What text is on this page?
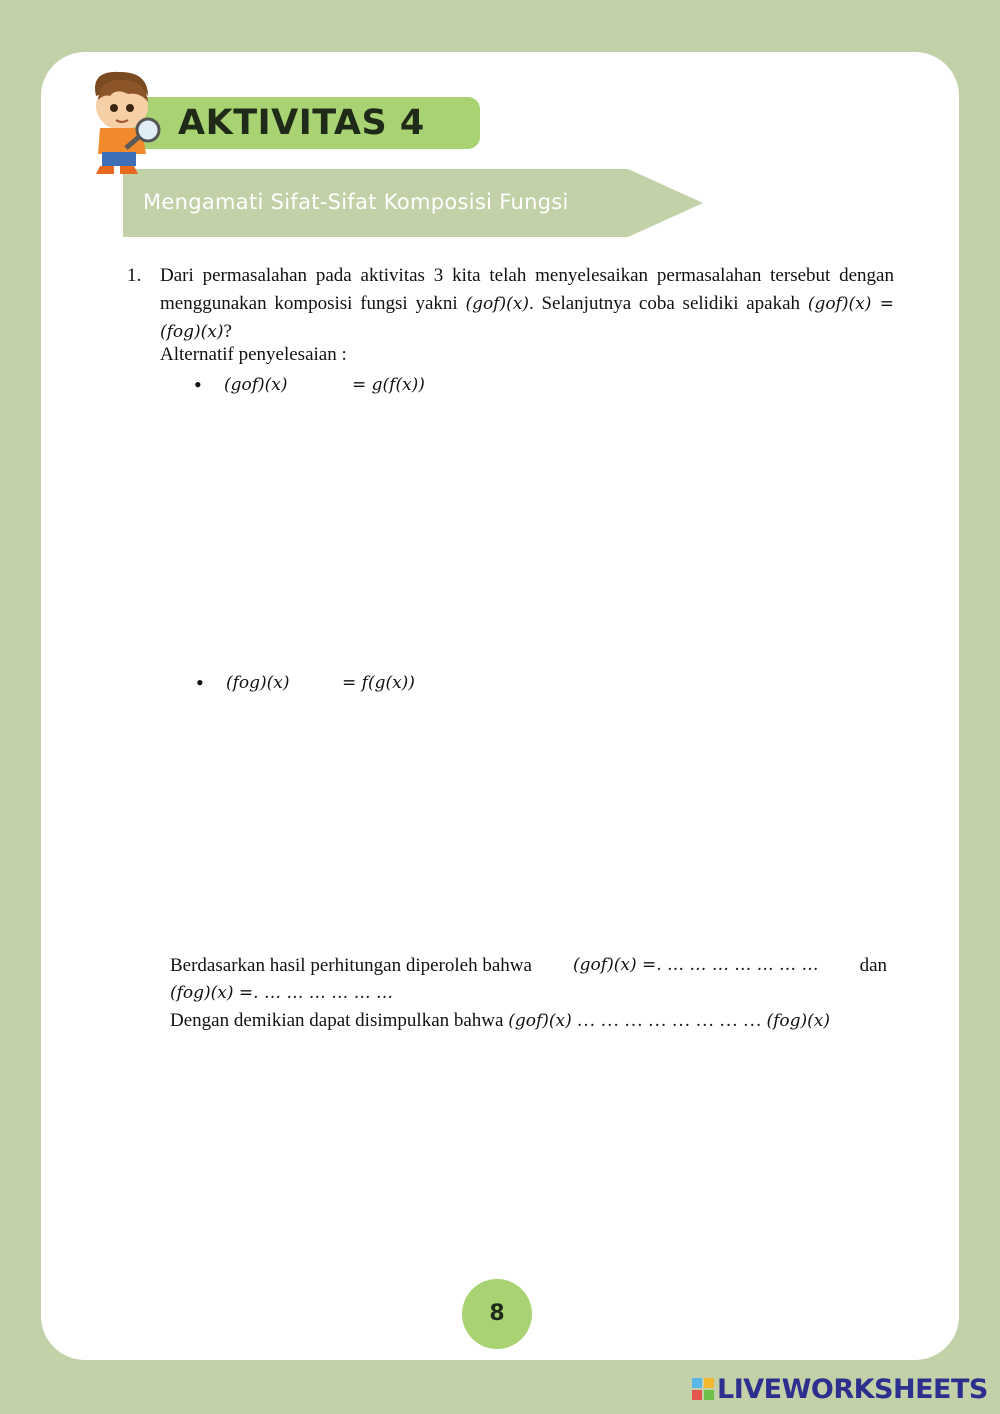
AKTIVITAS 4
Mengamati Sifat-Sifat Komposisi Fungsi
1. Dari permasalahan pada aktivitas 3 kita telah menyelesaikan permasalahan tersebut dengan menggunakan komposisi fungsi yakni (gof)(x). Selanjutnya coba selidiki apakah (gof)(x) = (fog)(x)?
Alternatif penyelesaian :
• (gof)(x)	= g(f(x))
• (fog)(x)	= f(g(x))
Berdasarkan hasil perhitungan diperoleh bahwa (gof)(x) =. … … … … … … … dan
(fog)(x) =. … … … … … …
Dengan demikian dapat disimpulkan bahwa (gof)(x) … … … … … … … … (fog)(x)
8
LIVEWORKSHEETS
